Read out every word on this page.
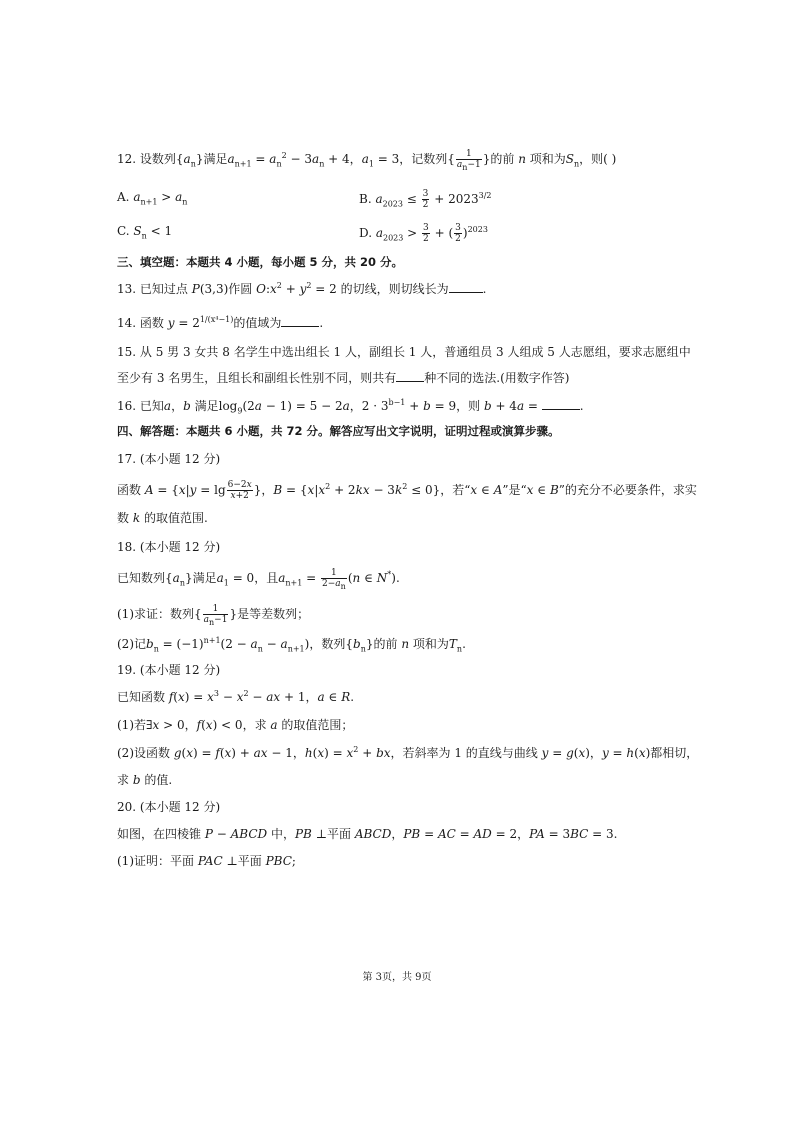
12. 设数列$\{a_n\}$满足$a_{n+1} = a_n^2 - 3a_n + 4$，$a_1 = 3$，记数列{ $\frac{1}{a_n-1}$ }的前 n 项和为$S_n$，则( )
A. $a_{n+1} > a_n$	B. $a_{2023} \le \frac{3}{2} + 2023^{3/2}$
C. $S_n < 1$	D. $a_{2023} > \frac{3}{2}$ + ( $\frac{3}{2} )^{2023}$
三、填空题：本题共 4 小题，每小题 5 分，共 20 分。
13. 已知过点 P(3,3)作圆 $O:x^2 + y^2 = 2$ 的切线，则切线长为	.
14. 函数 $y = 2^{1/(x^4-1)}$的值域为	.
15. 从 5 男 3 女共 8 名学生中选出组长 1 人，副组长 1 人，普通组员 3 人组成 5 人志愿组，要求志愿组中
至少有 3 名男生，且组长和副组长性别不同，则共有 种不同的选法.(用数字作答)
16. 已知a，b 满足$\log_9(2a - 1) = 5 - 2a$，$2 \cdot 3^{b-1} + b = 9$，则 b + 4a =	.
四、解答题：本题共 6 小题，共 72 分。解答应写出文字说明，证明过程或演算步骤。
17. (本小题 12 分)
函数 $A = \{x|y = \lg \frac{6-2x}{x+2}$ }，$B = \{x|x^2 + 2kx - 3k^2 \le 0\}$，若“x ∈ A”是“x ∈ B”的充分不必要条件，求实
数 k 的取值范围.
18. (本小题 12 分)
已知数列$\{a_n\}$满足$a_1 = 0$，且$a_{n+1} = \frac{1}{2-a_n} (n$ ∈ N*).
(1)求证：数列{ $\frac{1}{a_n-1}$ }是等差数列；
(2)记$b_n = (-1)^{n+1}(2 - a_n - a_{n+1})$，数列$\{b_n\}$的前 n 项和为$T_n$.
19. (本小题 12 分)
已知函数 $f(x) = x^3 - x^2$ − ax + 1，a ∈ R.
(1)若∃x > 0，f(x) < 0，求 a 的取值范围；
(2)设函数 g(x) = f(x) + ax − 1，$h(x) = x^2$ + bx，若斜率为 1 的直线与曲线 y = g(x)，y = h(x)都相切，
求 b 的值.
20. (本小题 12 分)
如图，在四棱锥 P − ABCD 中，PB ⊥平面 ABCD，PB = AC = AD = 2，PA = 3BC = 3.
(1)证明：平面 PAC ⊥平面 PBC;
第 3页，共 9页
